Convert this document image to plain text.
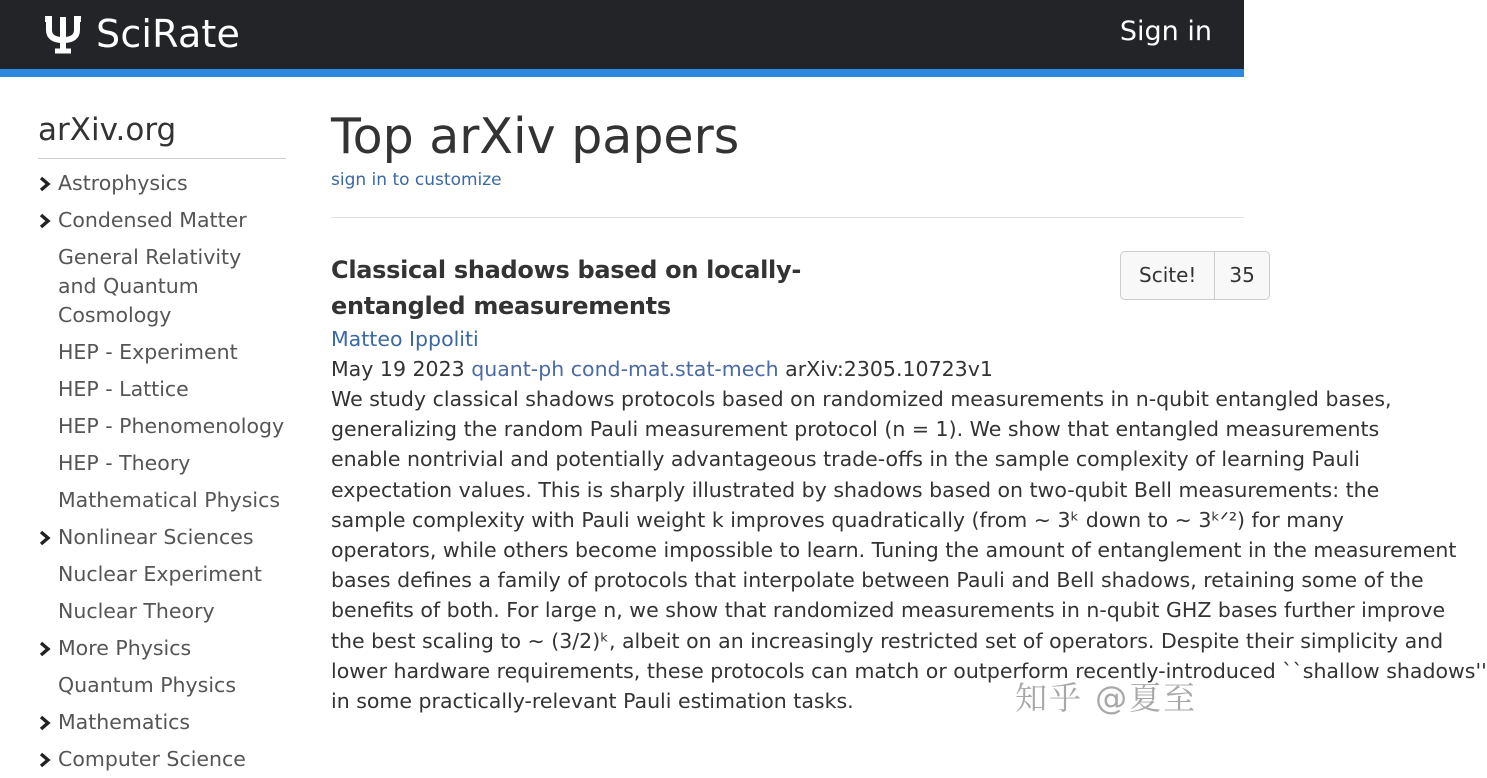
SciRate	Sign in
arXiv.org
Astrophysics
Condensed Matter
General Relativity and Quantum Cosmology
HEP - Experiment
HEP - Lattice
HEP - Phenomenology
HEP - Theory
Mathematical Physics
Nonlinear Sciences
Nuclear Experiment
Nuclear Theory
More Physics
Quantum Physics
Mathematics
Computer Science
Top arXiv papers
sign in to customize
Scite!	35
Classical shadows based on locally-entangled measurements
Matteo Ippoliti
May 19 2023 quant-ph cond-mat.stat-mech arXiv:2305.10723v1

We study classical shadows protocols based on randomized measurements in n-qubit entangled bases,

generalizing the random Pauli measurement protocol (n = 1). We show that entangled measurements

enable nontrivial and potentially advantageous trade-offs in the sample complexity of learning Pauli

expectation values. This is sharply illustrated by shadows based on two-qubit Bell measurements: the

sample complexity with Pauli weight k improves quadratically (from ∼ 3ᵏ down to ∼ 3ᵏᐟ²) for many

operators, while others become impossible to learn. Tuning the amount of entanglement in the measurement

bases defines a family of protocols that interpolate between Pauli and Bell shadows, retaining some of the

benefits of both. For large n, we show that randomized measurements in n-qubit GHZ bases further improve

the best scaling to ∼ (3/2)ᵏ, albeit on an increasingly restricted set of operators. Despite their simplicity and

lower hardware requirements, these protocols can match or outperform recently-introduced ``shallow shadows''

in some practically-relevant Pauli estimation tasks.	知乎 @夏至
